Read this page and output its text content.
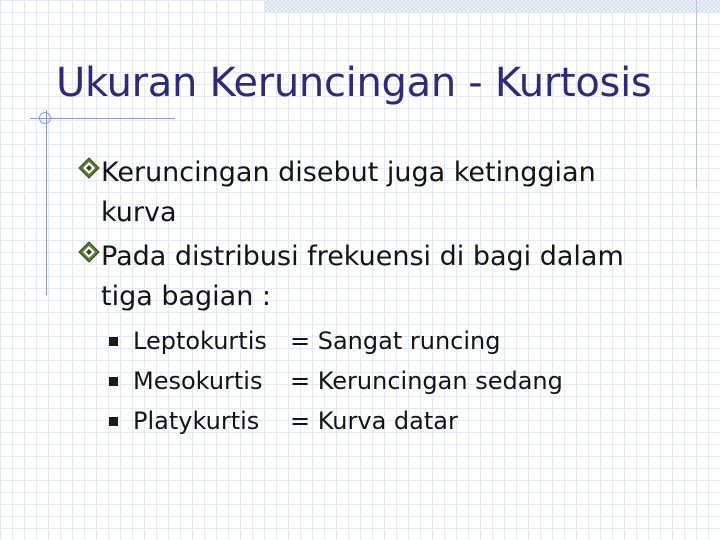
Ukuran Keruncingan - Kurtosis
Keruncingan disebut juga ketinggian kurva
Pada distribusi frekuensi di bagi dalam tiga bagian :
Leptokurtis = Sangat runcing
Mesokurtis = Keruncingan sedang
Platykurtis = Kurva datar
